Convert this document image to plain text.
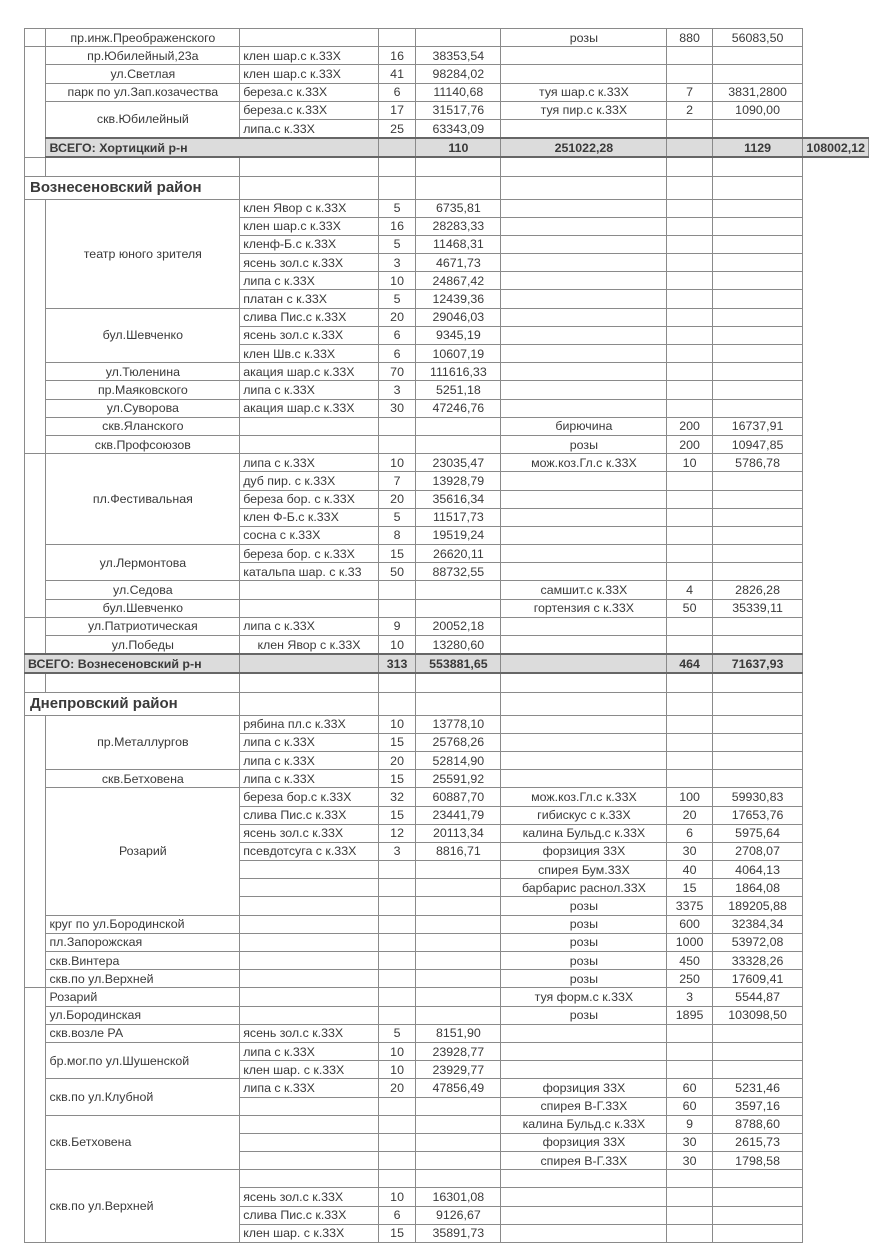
	пр.инж.Преображенского				розы	880	56083,50	
	пр.Юбилейный,23а	клен шар.с к.33Х	16	38353,54				
	ул.Светлая	клен шар.с к.33Х	41	98284,02				
	парк по ул.Зап.козачества	береза.с к.33Х	6	11140,68	туя шар.с к.33Х	7	3831,2800	
	скв.Юбилейный	береза.с к.33Х	17	31517,76	туя пир.с к.33Х	2	1090,00	
		липа.с к.33Х	25	63343,09				
	ВСЕГО: Хортицкий р-н			110	251022,28		1129	108002,12

Вознесеновский район								
	театр юного зрителя	клен Явор с к.33Х	5	6735,81				
		клен шар.с к.33Х	16	28283,33				
		кленф-Б.с к.33Х	5	11468,31				
		ясень зол.с к.33Х	3	4671,73				
		липа с к.33Х	10	24867,42				
		платан с к.33Х	5	12439,36				
	бул.Шевченко	слива Пис.с к.33Х	20	29046,03				
		ясень зол.с к.33Х	6	9345,19				
		клен Шв.с к.33Х	6	10607,19				
	ул.Тюленина	акация шар.с к.33Х	70	111616,33				
	пр.Маяковского	липа с к.33Х	3	5251,18				
	ул.Суворова	акация шар.с к.33Х	30	47246,76				
	скв.Яланского				бирючина	200	16737,91	
	скв.Профсоюзов				розы	200	10947,85	
	пл.Фестивальная	липа с к.33Х	10	23035,47	мож.коз.Гл.с к.33Х	10	5786,78	
		дуб пир. с к.33Х	7	13928,79				
		береза бор. с к.33Х	20	35616,34				
		клен Ф-Б.с к.33Х	5	11517,73				
		сосна с к.33Х	8	19519,24				
	ул.Лермонтова	береза бор. с к.33Х	15	26620,11				
		катальпа шар. с к.33	50	88732,55				
	ул.Седова				самшит.с к.33Х	4	2826,28	
	бул.Шевченко				гортензия с к.33Х	50	35339,11	
	ул.Патриотическая	липа с к.33Х	9	20052,18				
	ул.Победы	клен Явор с к.33Х	10	13280,60				
ВСЕГО: Вознесеновский р-н			313	553881,65		464	71637,93	

Днепровский район								
	пр.Металлургов	рябина пл.с к.33Х	10	13778,10				
		липа с к.33Х	15	25768,26				
		липа с к.33Х	20	52814,90				
	скв.Бетховена	липа с к.33Х	15	25591,92				
	Розарий	береза бор.с к.33Х	32	60887,70	мож.коз.Гл.с к.33Х	100	59930,83	
		слива Пис.с к.33Х	15	23441,79	гибискус с к.33Х	20	17653,76	
		ясень зол.с к.33Х	12	20113,34	калина Бульд.с к.33Х	6	5975,64	
		псевдотсуга с к.33Х	3	8816,71	форзиция 33Х	30	2708,07	
					спирея Бум.33Х	40	4064,13	
					барбарис раснол.33Х	15	1864,08	
					розы	3375	189205,88	
	круг по ул.Бородинской				розы	600	32384,34	
	пл.Запорожская				розы	1000	53972,08	
	скв.Винтера				розы	450	33328,26	
	скв.по ул.Верхней				розы	250	17609,41	
	Розарий				туя форм.с к.33Х	3	5544,87	
	ул.Бородинская				розы	1895	103098,50	
	скв.возле РА	ясень зол.с к.33Х	5	8151,90				
	бр.мог.по ул.Шушенской	липа с к.33Х	10	23928,77				
		клен шар. с к.33Х	10	23929,77				
	скв.по ул.Клубной	липа с к.33Х	20	47856,49	форзиция 33Х	60	5231,46	
					спирея В-Г.33Х	60	3597,16	
	скв.Бетховена				калина Бульд.с к.33Х	9	8788,60	
					форзиция 33Х	30	2615,73	
					спирея В-Г.33Х	30	1798,58	
	скв.по ул.Верхней							
		ясень зол.с к.33Х	10	16301,08				
		слива Пис.с к.33Х	6	9126,67				
		клен шар. с к.33Х	15	35891,73				
